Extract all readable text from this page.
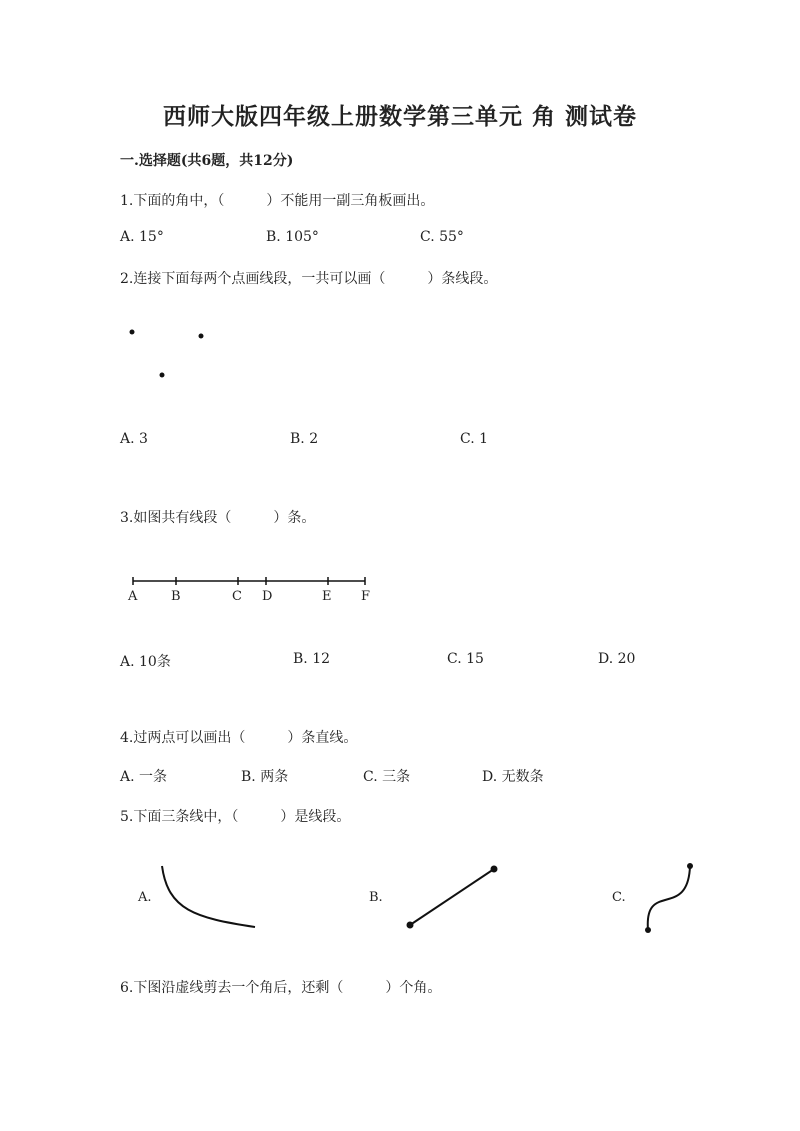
西师大版四年级上册数学第三单元 角 测试卷
一.选择题(共6题，共12分)
1.下面的角中，（　　　）不能用一副三角板画出。
A. 15°	B. 105°	C. 55°
2.连接下面每两个点画线段，一共可以画（　　　）条线段。
A. 3	B. 2	C. 1
3.如图共有线段（　　　）条。
A	B	C D	E F
A. 10条	B. 12	C. 15	D. 20
4.过两点可以画出（　　　）条直线。
A. 一条	B. 两条	C. 三条	D. 无数条
5.下面三条线中，（　　　）是线段。
A.	B.	C.
6.下图沿虚线剪去一个角后，还剩（　　　）个角。
